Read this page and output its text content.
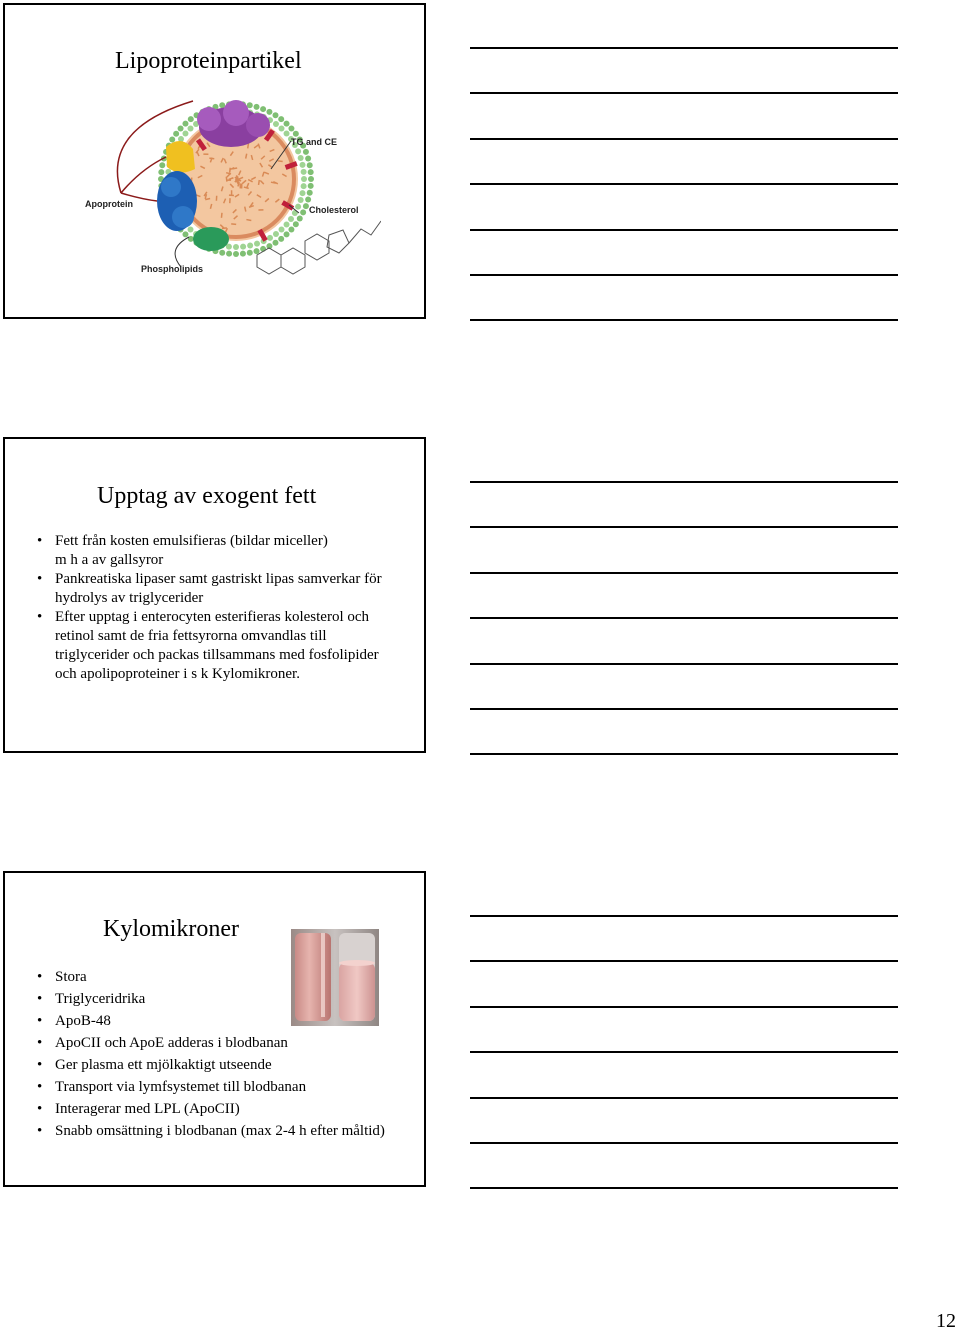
Lipoproteinpartikel
Apoprotein
TG and CE
Cholesterol
Phospholipids
Upptag av exogent fett
• Fett från kosten emulsifieras (bildar miceller)
m h a av gallsyror
• Pankreatiska lipaser samt gastriskt lipas samverkar för hydrolys av triglycerider
• Efter upptag i enterocyten esterifieras kolesterol och retinol samt de fria fettsyrorna omvandlas till triglycerider och packas tillsammans med fosfolipider och apolipoproteiner i s k Kylomikroner.
Kylomikroner
• Stora
• Triglyceridrika
• ApoB-48
• ApoCII och ApoE adderas i blodbanan
• Ger plasma ett mjölkaktigt utseende
• Transport via lymfsystemet till blodbanan
• Interagerar med LPL (ApoCII)
• Snabb omsättning i blodbanan (max 2-4 h efter måltid)
12
